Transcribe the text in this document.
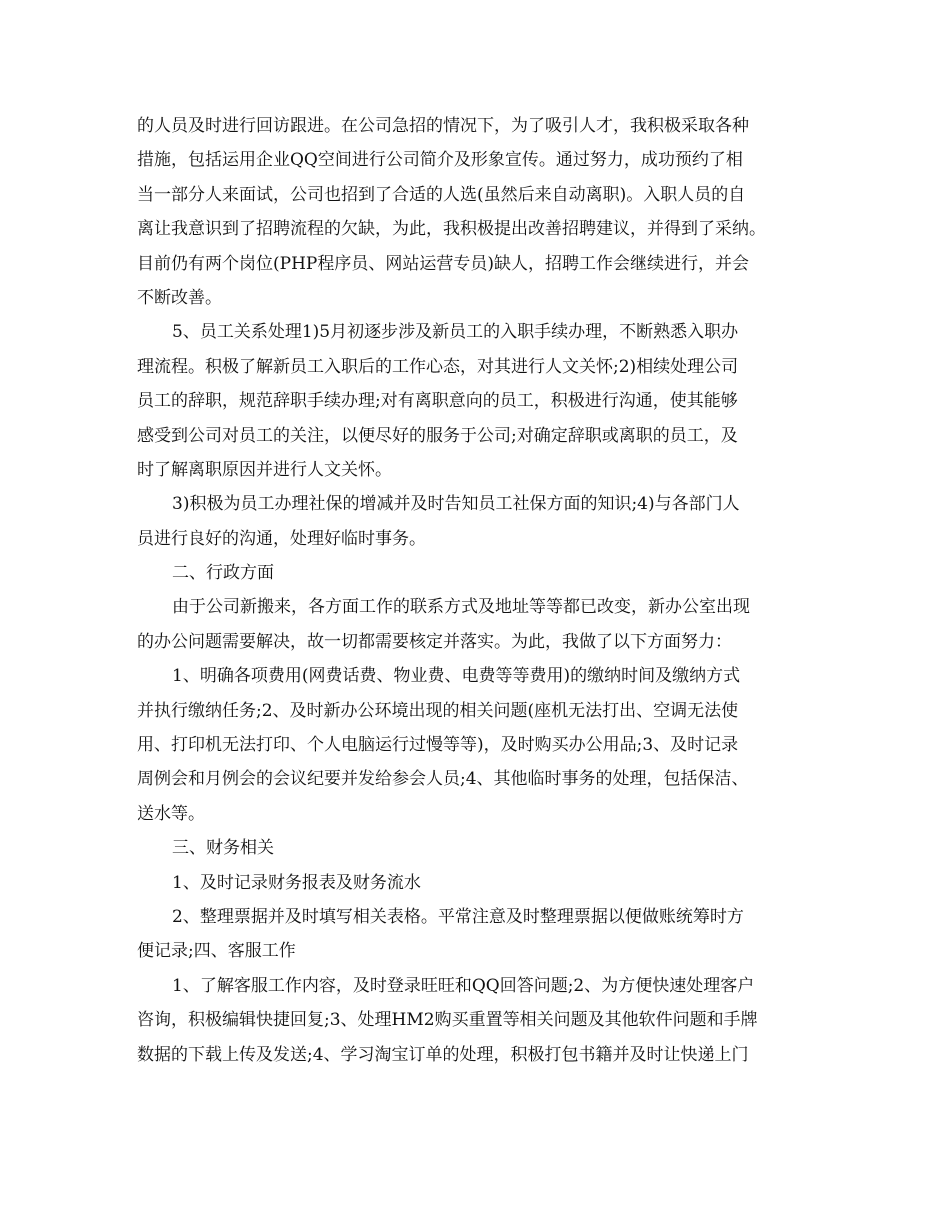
的人员及时进行回访跟进。在公司急招的情况下，为了吸引人才，我积极采取各种
措施，包括运用企业QQ空间进行公司简介及形象宣传。通过努力，成功预约了相
当一部分人来面试，公司也招到了合适的人选(虽然后来自动离职)。入职人员的自
离让我意识到了招聘流程的欠缺，为此，我积极提出改善招聘建议，并得到了采纳。
目前仍有两个岗位(PHP程序员、网站运营专员)缺人，招聘工作会继续进行，并会
不断改善。
5、员工关系处理1)5月初逐步涉及新员工的入职手续办理，不断熟悉入职办
理流程。积极了解新员工入职后的工作心态，对其进行人文关怀;2)相续处理公司
员工的辞职，规范辞职手续办理;对有离职意向的员工，积极进行沟通，使其能够
感受到公司对员工的关注，以便尽好的服务于公司;对确定辞职或离职的员工，及
时了解离职原因并进行人文关怀。
3)积极为员工办理社保的增减并及时告知员工社保方面的知识;4)与各部门人
员进行良好的沟通，处理好临时事务。
二、行政方面
由于公司新搬来，各方面工作的联系方式及地址等等都已改变，新办公室出现
的办公问题需要解决，故一切都需要核定并落实。为此，我做了以下方面努力：
1、明确各项费用(网费话费、物业费、电费等等费用)的缴纳时间及缴纳方式
并执行缴纳任务;2、及时新办公环境出现的相关问题(座机无法打出、空调无法使
用、打印机无法打印、个人电脑运行过慢等等)，及时购买办公用品;3、及时记录
周例会和月例会的会议纪要并发给参会人员;4、其他临时事务的处理，包括保洁、
送水等。
三、财务相关
1、及时记录财务报表及财务流水
2、整理票据并及时填写相关表格。平常注意及时整理票据以便做账统筹时方
便记录;四、客服工作
1、了解客服工作内容，及时登录旺旺和QQ回答问题;2、为方便快速处理客户
咨询，积极编辑快捷回复;3、处理HM2购买重置等相关问题及其他软件问题和手牌
数据的下载上传及发送;4、学习淘宝订单的处理，积极打包书籍并及时让快递上门
